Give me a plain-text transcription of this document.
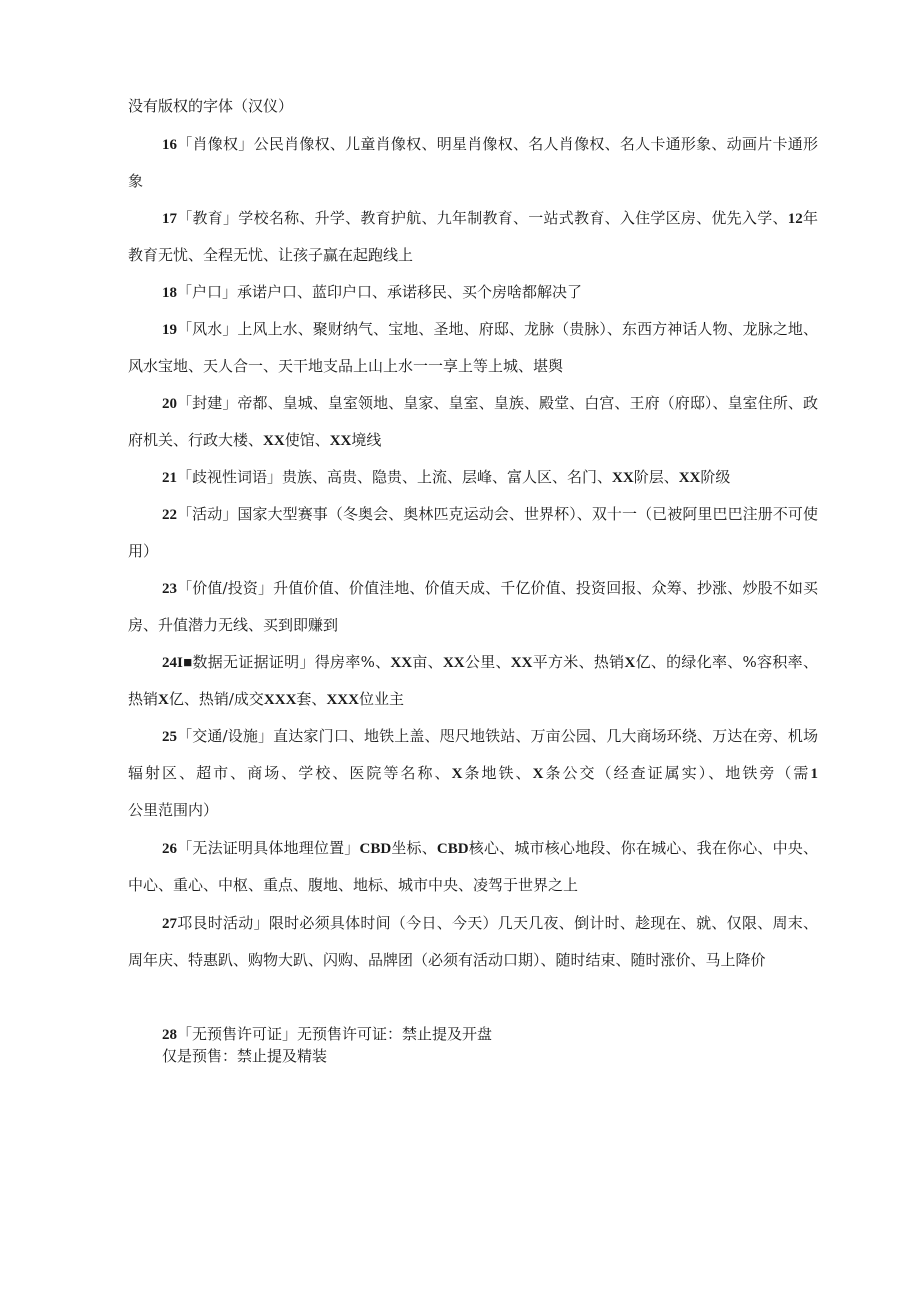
没有版权的字体（汉仪）

16「肖像权」公民肖像权、儿童肖像权、明星肖像权、名人肖像权、名人卡通形象、动画片卡通形象

17「教育」学校名称、升学、教育护航、九年制教育、一站式教育、入住学区房、优先入学、12年教育无忧、全程无忧、让孩子赢在起跑线上

18「户口」承诺户口、蓝印户口、承诺移民、买个房啥都解决了

19「风水」上风上水、聚财纳气、宝地、圣地、府邸、龙脉（贵脉）、东西方神话人物、龙脉之地、风水宝地、天人合一、天干地支品上山上水一一享上等上城、堪舆

20「封建」帝都、皇城、皇室领地、皇家、皇室、皇族、殿堂、白宫、王府（府邸）、皇室住所、政府机关、行政大楼、XX使馆、XX境线

21「歧视性词语」贵族、高贵、隐贵、上流、层峰、富人区、名门、XX阶层、XX阶级

22「活动」国家大型赛事（冬奥会、奥林匹克运动会、世界杯）、双十一（已被阿里巴巴注册不可使用）

23「价值/投资」升值价值、价值洼地、价值天成、千亿价值、投资回报、众筹、抄涨、炒股不如买房、升值潜力无线、买到即赚到

24I■数据无证据证明」得房率%、XX亩、XX公里、XX平方米、热销X亿、的绿化率、%容积率、热销X亿、热销/成交XXX套、XXX位业主

25「交通/设施」直达家门口、地铁上盖、咫尺地铁站、万亩公园、几大商场环绕、万达在旁、机场辐射区、超市、商场、学校、医院等名称、X条地铁、X条公交（经查证属实）、地铁旁（需1公里范围内）

26「无法证明具体地理位置」CBD坐标、CBD核心、城市核心地段、你在城心、我在你心、中央、中心、重心、中枢、重点、腹地、地标、城市中央、凌驾于世界之上

27邛艮时活动」限时必须具体时间（今日、今天）几天几夜、倒计时、趁现在、就、仅限、周末、周年庆、特惠趴、购物大趴、闪购、品牌团（必须有活动口期）、随时结束、随时涨价、马上降价

28「无预售许可证」无预售许可证：禁止提及开盘
仅是预售：禁止提及精装
